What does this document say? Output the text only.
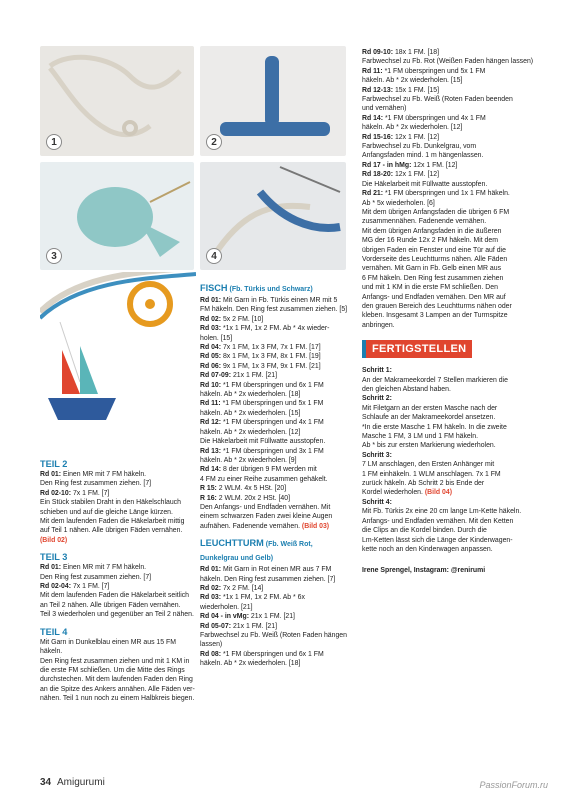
1	2
3	4
TEIL 2

Rd 01: Einen MR mit 7 FM häkeln.

Den Ring fest zusammen ziehen. [7]

Rd 02-10: 7x 1 FM. [7]

Ein Stück stabilen Draht in den Häkelschlauch

schieben und auf die gleiche Länge kürzen.

Mit dem laufenden Faden die Häkelarbeit mittig

auf Teil 1 nähen. Alle übrigen Fäden vernähen.

(Bild 02)

TEIL 3

Rd 01: Einen MR mit 7 FM häkeln.

Den Ring fest zusammen ziehen. [7]

Rd 02-04: 7x 1 FM. [7]

Mit dem laufenden Faden die Häkelarbeit seitlich

an Teil 2 nähen. Alle übrigen Fäden vernähen.

Teil 3 wiederholen und gegenüber an Teil 2 nähen.

TEIL 4

Mit Garn in Dunkelblau einen MR aus 15 FM häkeln.

Den Ring fest zusammen ziehen und mit 1 KM in

die erste FM schließen. Um die Mitte des Rings

durchstechen. Mit dem laufenden Faden den Ring

an die Spitze des Ankers annähen. Alle Fäden ver-

nähen. Teil 1 nun noch zu einem Halbkreis biegen.

FISCH (Fb. Türkis und Schwarz)

Rd 01: Mit Garn in Fb. Türkis einen MR mit 5

FM häkeln. Den Ring fest zusammen ziehen. [5]

Rd 02: 5x 2 FM. [10]

Rd 03: *1x 1 FM, 1x 2 FM. Ab * 4x wieder-

holen. [15]

Rd 04: 7x 1 FM, 1x 3 FM, 7x 1 FM. [17]

Rd 05: 8x 1 FM, 1x 3 FM, 8x 1 FM. [19]

Rd 06: 9x 1 FM, 1x 3 FM, 9x 1 FM. [21]

Rd 07-09: 21x 1 FM. [21]

Rd 10: *1 FM überspringen und 6x 1 FM

häkeln. Ab * 2x wiederholen. [18]

Rd 11: *1 FM überspringen und 5x 1 FM

häkeln. Ab * 2x wiederholen. [15]

Rd 12: *1 FM überspringen und 4x 1 FM

häkeln. Ab * 2x wiederholen. [12]

Die Häkelarbeit mit Füllwatte ausstopfen.

Rd 13: *1 FM überspringen und 3x 1 FM

häkeln. Ab * 2x wiederholen. [9]

Rd 14: 8 der übrigen 9 FM werden mit

4 FM zu einer Reihe zusammen gehäkelt.

R 15: 2 WLM. 4x 5 HSt. [20]

R 16: 2 WLM. 20x 2 HSt. [40]

Den Anfangs- und Endfaden vernähen. Mit

einem schwarzen Faden zwei kleine Augen

aufnähen. Fadenende vernähen. (Bild 03)

LEUCHTTURM (Fb. Weiß Rot, Dunkelgrau und Gelb)

Rd 01: Mit Garn in Rot einen MR aus 7 FM

häkeln. Den Ring fest zusammen ziehen. [7]

Rd 02: 7x 2 FM. [14]

Rd 03: *1x 1 FM, 1x 2 FM. Ab * 6x

wiederholen. [21]

Rd 04 - in vMg: 21x 1 FM. [21]

Rd 05-07: 21x 1 FM. [21]

Farbwechsel zu Fb. Weiß (Roten Faden hängen lassen)

Rd 08: *1 FM überspringen und 6x 1 FM

häkeln. Ab * 2x wiederholen. [18]

Rd 09-10: 18x 1 FM. [18]

Farbwechsel zu Fb. Rot (Weißen Faden hängen lassen)

Rd 11: *1 FM überspringen und 5x 1 FM

häkeln. Ab * 2x wiederholen. [15]

Rd 12-13: 15x 1 FM. [15]

Farbwechsel zu Fb. Weiß (Roten Faden beenden

und vernähen)

Rd 14: *1 FM überspringen und 4x 1 FM

häkeln. Ab * 2x wiederholen. [12]

Rd 15-16: 12x 1 FM. [12]

Farbwechsel zu Fb. Dunkelgrau, vom

Anfangsfaden mind. 1 m hängenlassen.

Rd 17 - in hMg: 12x 1 FM. [12]

Rd 18-20: 12x 1 FM. [12]

Die Häkelarbeit mit Füllwatte ausstopfen.

Rd 21: *1 FM überspringen und 1x 1 FM häkeln.

Ab * 5x wiederholen. [6]

Mit dem übrigen Anfangsfaden die übrigen 6 FM

zusammennähen. Fadenende vernähen.

Mit dem übrigen Anfangsfaden in die äußeren

MG der 16 Runde 12x 2 FM häkeln. Mit dem

übrigen Faden ein Fenster und eine Tür auf die

Vorderseite des Leuchtturms nähen. Alle Fäden

vernähen. Mit Garn in Fb. Gelb einen MR aus

6 FM häkeln. Den Ring fest zusammen ziehen

und mit 1 KM in die erste FM schließen. Den

Anfangs- und Endfaden vernähen. Den MR auf

den grauen Bereich des Leuchtturms nähen oder

kleben. Insgesamt 3 Lampen an der Turmspitze

anbringen.

FERTIGSTELLEN

Schritt 1:

An der Makrameekordel 7 Stellen markieren die

den gleichen Abstand haben.

Schritt 2:

Mit Filetgarn an der ersten Masche nach der

Schlaufe an der Makrameekordel ansetzen.

*In die erste Masche 1 FM häkeln. In die zweite

Masche 1 FM, 3 LM und 1 FM häkeln.

Ab * bis zur ersten Markierung wiederholen.

Schritt 3:

7 LM anschlagen, den Ersten Anhänger mit

1 FM einhäkeln. 1 WLM anschlagen. 7x 1 FM

zurück häkeln. Ab Schritt 2 bis Ende der

Kordel wiederholen. (Bild 04)

Schritt 4:

Mit Fb. Türkis 2x eine 20 cm lange Lm-Kette häkeln.

Anfangs- und Endfaden vernähen. Mit den Ketten

die Clips an die Kordel binden. Durch die

Lm-Ketten lässt sich die Länge der Kinderwagen-

kette noch an den Kinderwagen anpassen.

Irene Sprengel, Instagram: @renirumi

34 Amigurumi	PassionForum.ru
